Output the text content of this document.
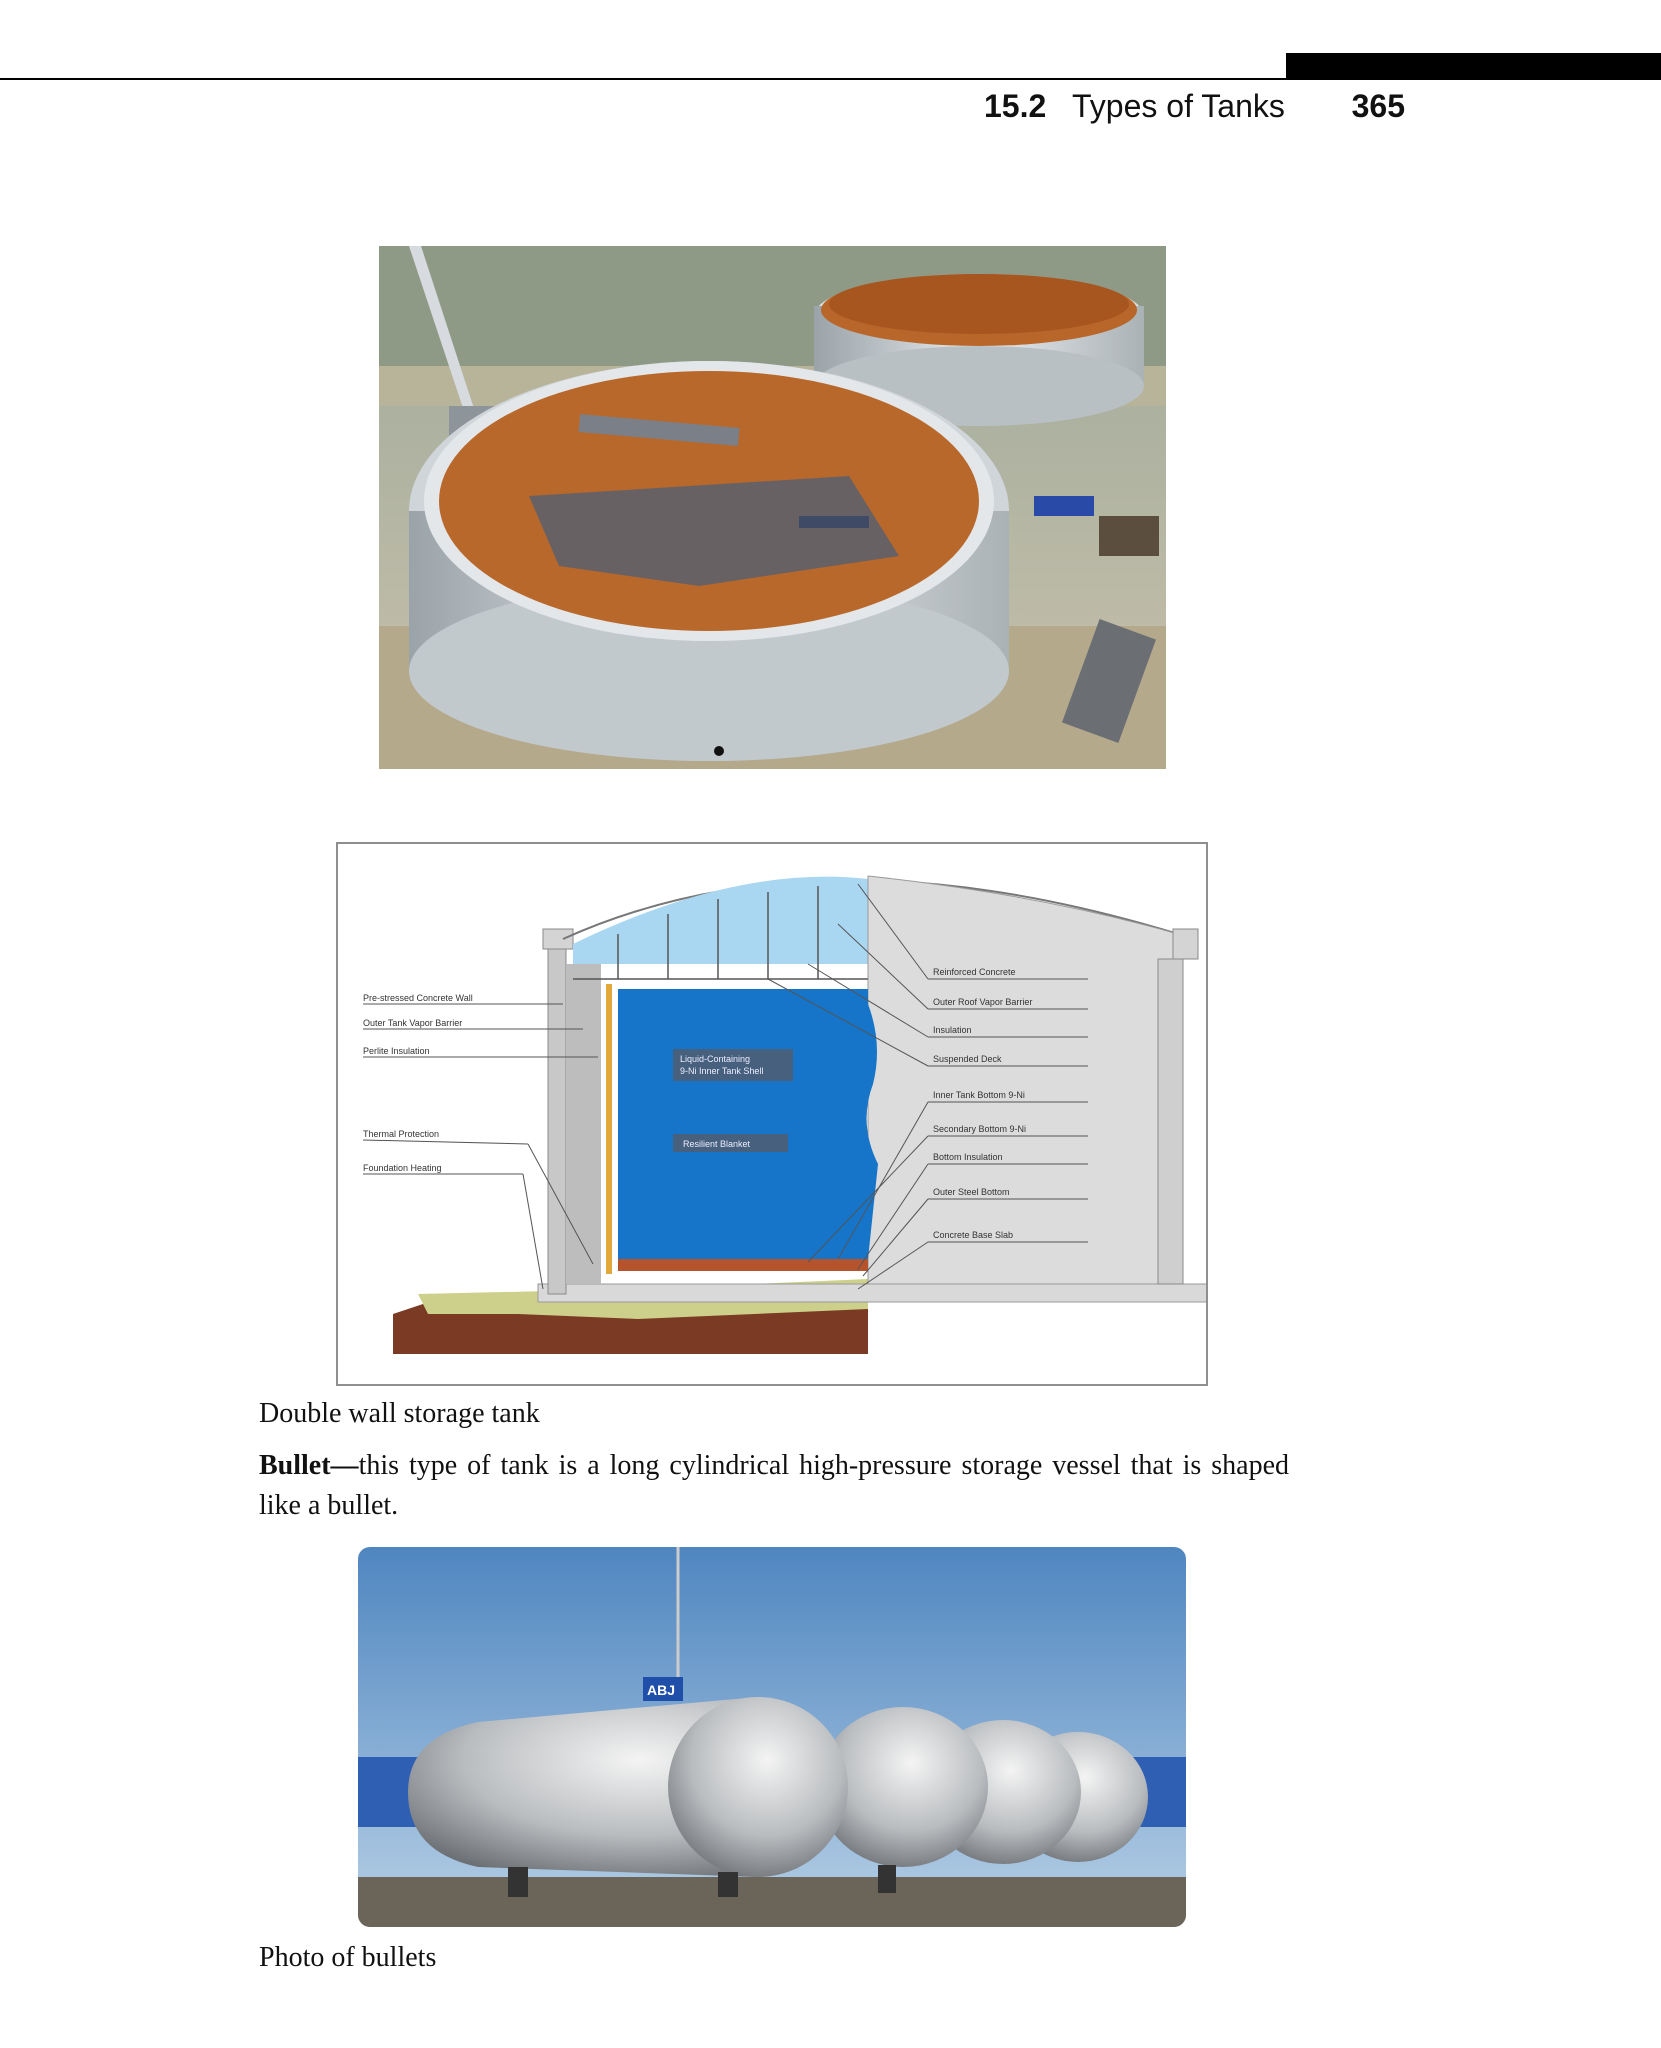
15.2 Types of Tanks 365
Liquid-Containing
9-Ni Inner Tank Shell
Resilient Blanket
Pre-stressed Concrete Wall
Outer Tank Vapor Barrier
Perlite Insulation
Thermal Protection
Foundation Heating
Reinforced Concrete
Outer Roof Vapor Barrier
Insulation
Suspended Deck
Inner Tank Bottom 9-Ni
Secondary Bottom 9-Ni
Bottom Insulation
Outer Steel Bottom
Concrete Base Slab
Double wall storage tank
Bullet—this type of tank is a long cylindrical high-pressure storage vessel that is shaped like a bullet.
ABJ
Photo of bullets
